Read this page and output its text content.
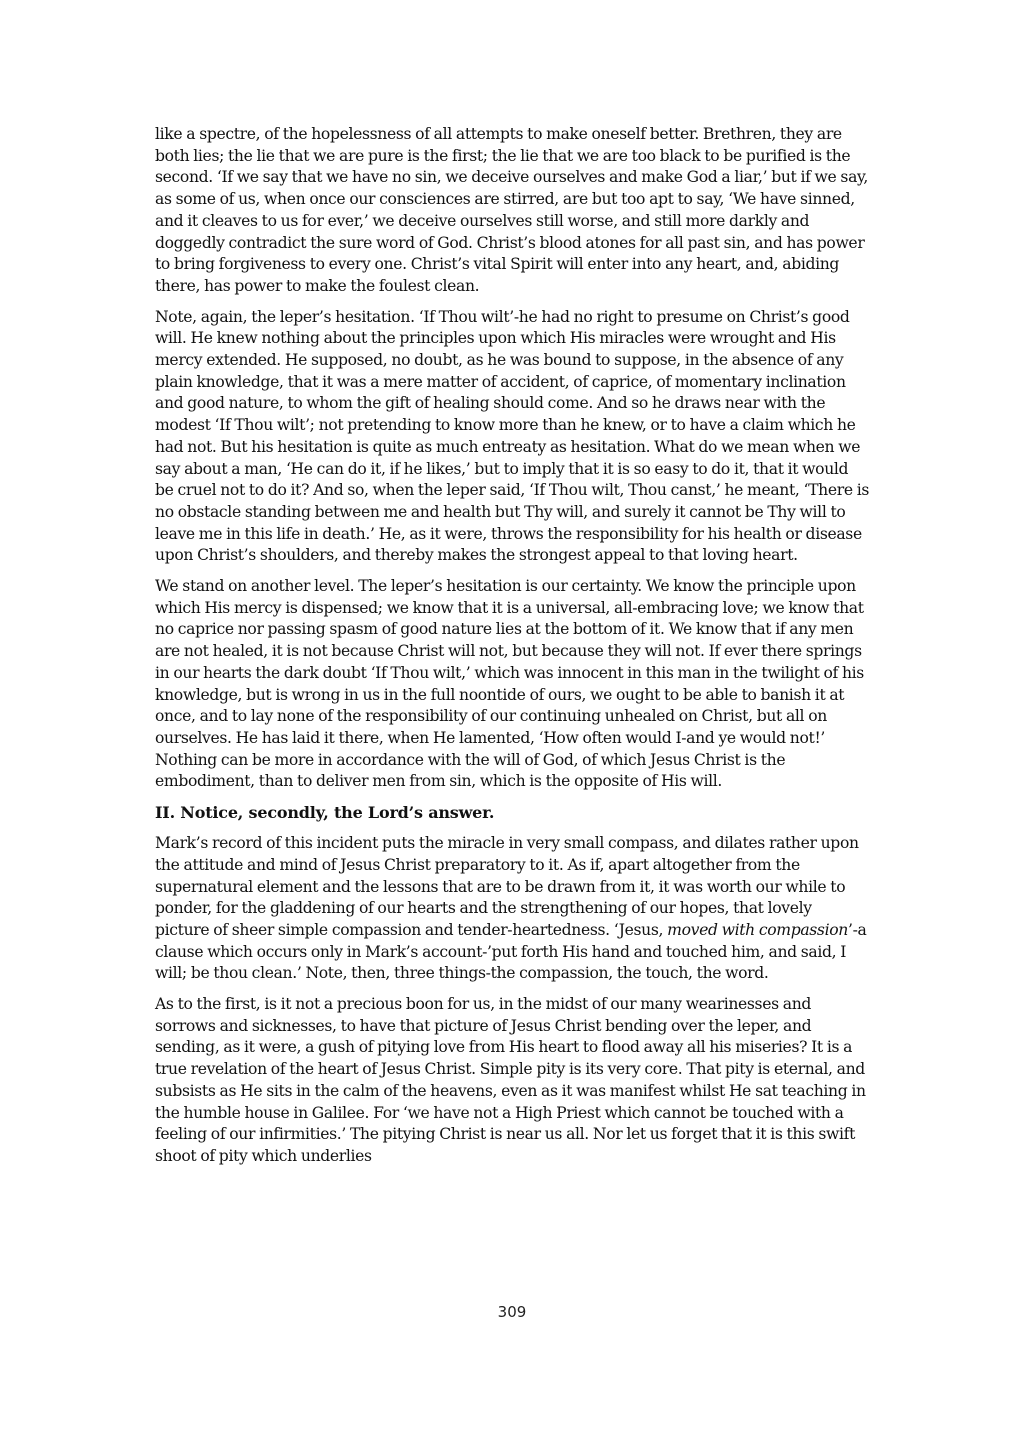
like a spectre, of the hopelessness of all attempts to make oneself better. Brethren, they are both lies; the lie that we are pure is the first; the lie that we are too black to be purified is the second. ‘If we say that we have no sin, we deceive ourselves and make God a liar,’ but if we say, as some of us, when once our consciences are stirred, are but too apt to say, ‘We have sinned, and it cleaves to us for ever,’ we deceive ourselves still worse, and still more darkly and doggedly contradict the sure word of God. Christ’s blood atones for all past sin, and has power to bring forgiveness to every one. Christ’s vital Spirit will enter into any heart, and, abiding there, has power to make the foulest clean.

Note, again, the leper’s hesitation. ‘If Thou wilt’-he had no right to presume on Christ’s good will. He knew nothing about the principles upon which His miracles were wrought and His mercy extended. He supposed, no doubt, as he was bound to suppose, in the absence of any plain knowledge, that it was a mere matter of accident, of caprice, of momentary inclination and good nature, to whom the gift of healing should come. And so he draws near with the modest ‘If Thou wilt’; not pretending to know more than he knew, or to have a claim which he had not. But his hesitation is quite as much entreaty as hesitation. What do we mean when we say about a man, ‘He can do it, if he likes,’ but to imply that it is so easy to do it, that it would be cruel not to do it? And so, when the leper said, ‘If Thou wilt, Thou canst,’ he meant, ‘There is no obstacle standing between me and health but Thy will, and surely it cannot be Thy will to leave me in this life in death.’ He, as it were, throws the responsibility for his health or disease upon Christ’s shoulders, and thereby makes the strongest appeal to that loving heart.

We stand on another level. The leper’s hesitation is our certainty. We know the principle upon which His mercy is dispensed; we know that it is a universal, all-embracing love; we know that no caprice nor passing spasm of good nature lies at the bottom of it. We know that if any men are not healed, it is not because Christ will not, but because they will not. If ever there springs in our hearts the dark doubt ‘If Thou wilt,’ which was innocent in this man in the twilight of his knowledge, but is wrong in us in the full noontide of ours, we ought to be able to banish it at once, and to lay none of the responsibility of our continuing unhealed on Christ, but all on ourselves. He has laid it there, when He lamented, ‘How often would I-and ye would not!’ Nothing can be more in accordance with the will of God, of which Jesus Christ is the embodiment, than to deliver men from sin, which is the opposite of His will.

II. Notice, secondly, the Lord’s answer.

Mark’s record of this incident puts the miracle in very small compass, and dilates rather upon the attitude and mind of Jesus Christ preparatory to it. As if, apart altogether from the supernatural element and the lessons that are to be drawn from it, it was worth our while to ponder, for the gladdening of our hearts and the strengthening of our hopes, that lovely picture of sheer simple compassion and tender-heartedness. ‘Jesus, moved with compassion’-a clause which occurs only in Mark’s account-’put forth His hand and touched him, and said, I will; be thou clean.’ Note, then, three things-the compassion, the touch, the word.

As to the first, is it not a precious boon for us, in the midst of our many wearinesses and sorrows and sicknesses, to have that picture of Jesus Christ bending over the leper, and sending, as it were, a gush of pitying love from His heart to flood away all his miseries? It is a true revelation of the heart of Jesus Christ. Simple pity is its very core. That pity is eternal, and subsists as He sits in the calm of the heavens, even as it was manifest whilst He sat teaching in the humble house in Galilee. For ‘we have not a High Priest which cannot be touched with a feeling of our infirmities.’ The pitying Christ is near us all. Nor let us forget that it is this swift shoot of pity which underlies

309
